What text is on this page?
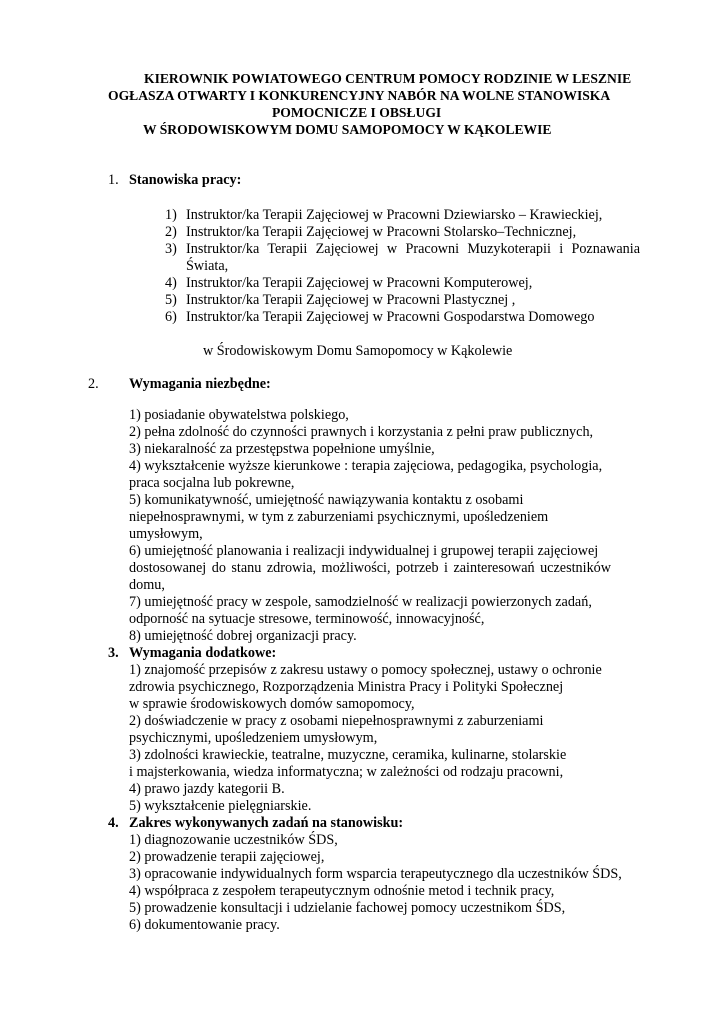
KIEROWNIK POWIATOWEGO CENTRUM POMOCY RODZINIE W LESZNIE
OGŁASZA OTWARTY I KONKURENCYJNY NABÓR NA WOLNE STANOWISKA
POMOCNICZE I OBSŁUGI
W ŚRODOWISKOWYM DOMU SAMOPOMOCY W KĄKOLEWIE
1. Stanowiska pracy:
1) Instruktor/ka Terapii Zajęciowej w Pracowni Dziewiarsko – Krawieckiej,
2) Instruktor/ka Terapii Zajęciowej w Pracowni Stolarsko–Technicznej,
3) Instruktor/ka Terapii Zajęciowej w Pracowni Muzykoterapii i Poznawania
Świata,
4) Instruktor/ka Terapii Zajęciowej w Pracowni Komputerowej,
5) Instruktor/ka Terapii Zajęciowej w Pracowni Plastycznej ,
6) Instruktor/ka Terapii Zajęciowej w Pracowni Gospodarstwa Domowego
w Środowiskowym Domu Samopomocy w Kąkolewie
2. Wymagania niezbędne:
1) posiadanie obywatelstwa polskiego,
2) pełna zdolność do czynności prawnych i korzystania z pełni praw publicznych,
3) niekaralność za przestępstwa popełnione umyślnie,
4) wykształcenie wyższe kierunkowe : terapia zajęciowa, pedagogika, psychologia,
praca socjalna lub pokrewne,
5) komunikatywność, umiejętność nawiązywania kontaktu z osobami
niepełnosprawnymi, w tym z zaburzeniami psychicznymi, upośledzeniem
umysłowym,
6) umiejętność planowania i realizacji indywidualnej i grupowej terapii zajęciowej
dostosowanej do stanu zdrowia, możliwości, potrzeb i zainteresowań uczestników
domu,
7) umiejętność pracy w zespole, samodzielność w realizacji powierzonych zadań,
odporność na sytuacje stresowe, terminowość, innowacyjność,
8) umiejętność dobrej organizacji pracy.
3. Wymagania dodatkowe:
1) znajomość przepisów z zakresu ustawy o pomocy społecznej, ustawy o ochronie
zdrowia psychicznego, Rozporządzenia Ministra Pracy i Polityki Społecznej
w sprawie środowiskowych domów samopomocy,
2) doświadczenie w pracy z osobami niepełnosprawnymi z zaburzeniami
psychicznymi, upośledzeniem umysłowym,
3) zdolności krawieckie, teatralne, muzyczne, ceramika, kulinarne, stolarskie
i majsterkowania, wiedza informatyczna; w zależności od rodzaju pracowni,
4) prawo jazdy kategorii B.
5) wykształcenie pielęgniarskie.
4. Zakres wykonywanych zadań na stanowisku:
1) diagnozowanie uczestników ŚDS,
2) prowadzenie terapii zajęciowej,
3) opracowanie indywidualnych form wsparcia terapeutycznego dla uczestników ŚDS,
4) współpraca z zespołem terapeutycznym odnośnie metod i technik pracy,
5) prowadzenie konsultacji i udzielanie fachowej pomocy uczestnikom ŚDS,
6) dokumentowanie pracy.
